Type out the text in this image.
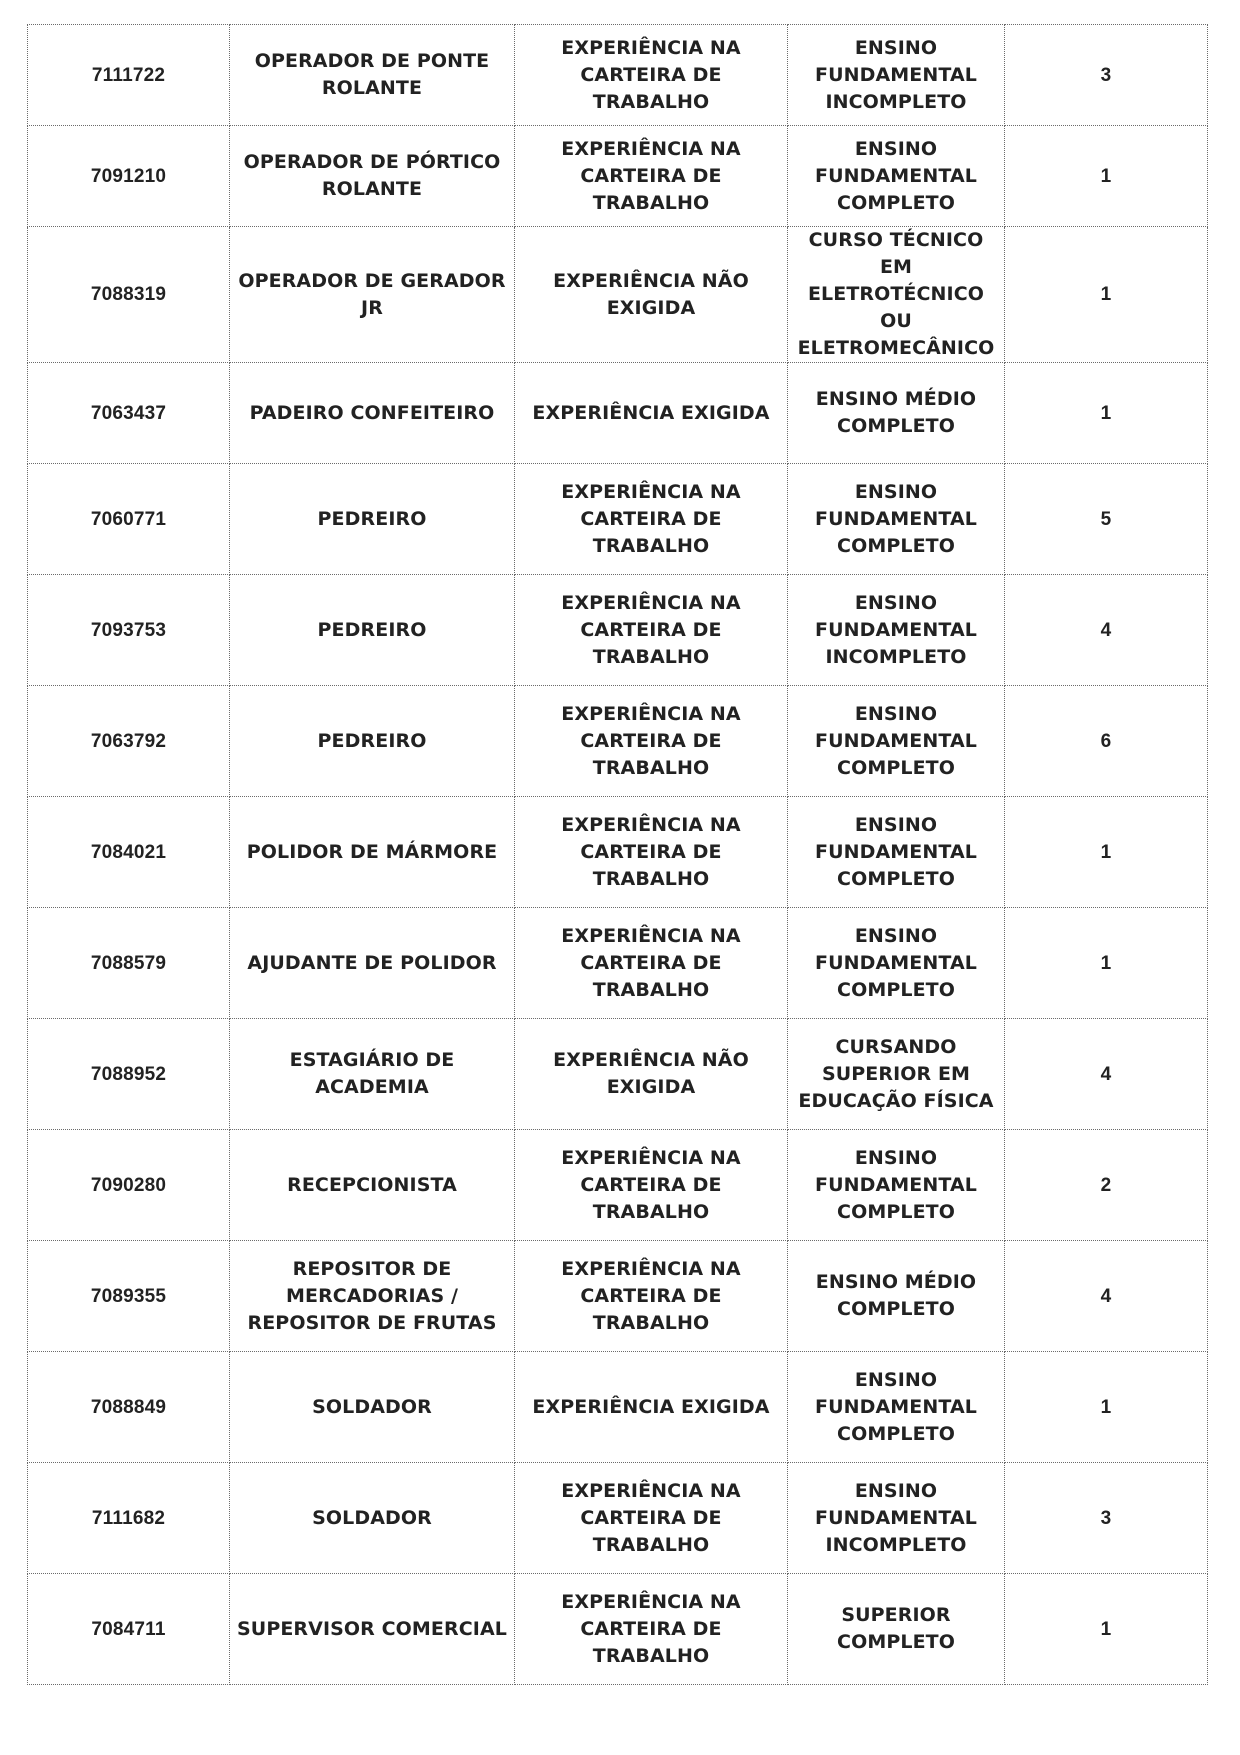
7111722	OPERADOR DE PONTE ROLANTE	EXPERIÊNCIA NA CARTEIRA DE TRABALHO	ENSINO FUNDAMENTAL INCOMPLETO	3
7091210	OPERADOR DE PÓRTICO ROLANTE	EXPERIÊNCIA NA CARTEIRA DE TRABALHO	ENSINO FUNDAMENTAL COMPLETO	1
7088319	OPERADOR DE GERADOR JR	EXPERIÊNCIA NÃO EXIGIDA	CURSO TÉCNICO EM ELETROTÉCNICO OU ELETROMECÂNICO	1
7063437	PADEIRO CONFEITEIRO	EXPERIÊNCIA EXIGIDA	ENSINO MÉDIO COMPLETO	1
7060771	PEDREIRO	EXPERIÊNCIA NA CARTEIRA DE TRABALHO	ENSINO FUNDAMENTAL COMPLETO	5
7093753	PEDREIRO	EXPERIÊNCIA NA CARTEIRA DE TRABALHO	ENSINO FUNDAMENTAL INCOMPLETO	4
7063792	PEDREIRO	EXPERIÊNCIA NA CARTEIRA DE TRABALHO	ENSINO FUNDAMENTAL COMPLETO	6
7084021	POLIDOR DE MÁRMORE	EXPERIÊNCIA NA CARTEIRA DE TRABALHO	ENSINO FUNDAMENTAL COMPLETO	1
7088579	AJUDANTE DE POLIDOR	EXPERIÊNCIA NA CARTEIRA DE TRABALHO	ENSINO FUNDAMENTAL COMPLETO	1
7088952	ESTAGIÁRIO DE ACADEMIA	EXPERIÊNCIA NÃO EXIGIDA	CURSANDO SUPERIOR EM EDUCAÇÃO FÍSICA	4
7090280	RECEPCIONISTA	EXPERIÊNCIA NA CARTEIRA DE TRABALHO	ENSINO FUNDAMENTAL COMPLETO	2
7089355	REPOSITOR DE MERCADORIAS / REPOSITOR DE FRUTAS	EXPERIÊNCIA NA CARTEIRA DE TRABALHO	ENSINO MÉDIO COMPLETO	4
7088849	SOLDADOR	EXPERIÊNCIA EXIGIDA	ENSINO FUNDAMENTAL COMPLETO	1
7111682	SOLDADOR	EXPERIÊNCIA NA CARTEIRA DE TRABALHO	ENSINO FUNDAMENTAL INCOMPLETO	3
7084711	SUPERVISOR COMERCIAL	EXPERIÊNCIA NA CARTEIRA DE TRABALHO	SUPERIOR COMPLETO	1
